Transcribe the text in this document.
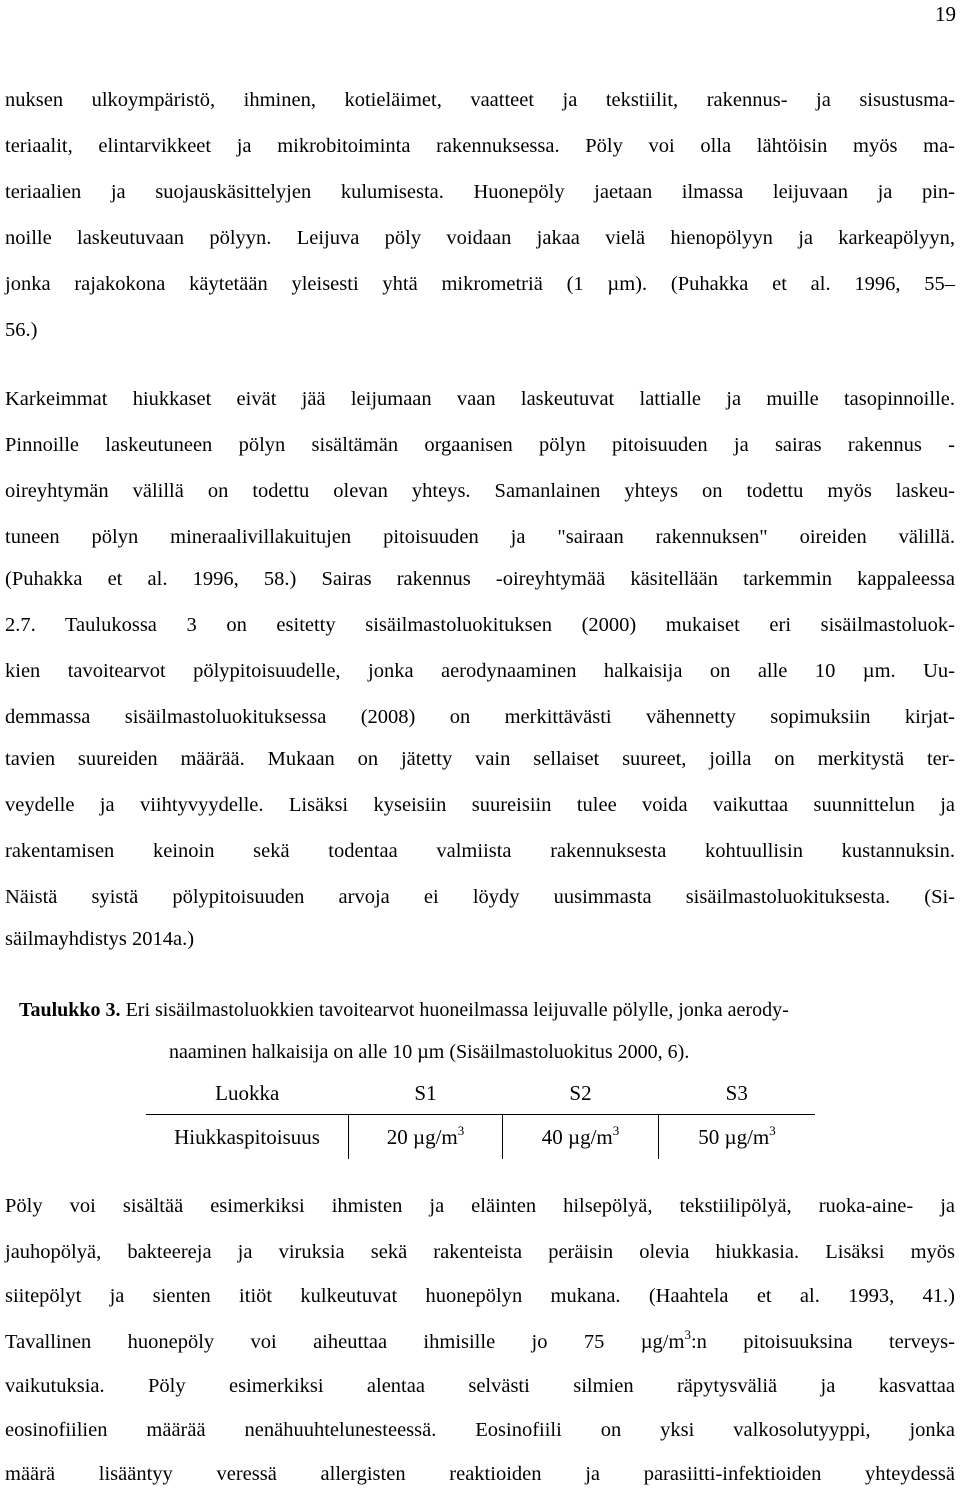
19
nuksen ulkoympäristö, ihminen, kotieläimet, vaatteet ja tekstiilit, rakennus- ja sisustusma-
teriaalit, elintarvikkeet ja mikrobitoiminta rakennuksessa. Pöly voi olla lähtöisin myös ma-
teriaalien ja suojauskäsittelyjen kulumisesta. Huonepöly jaetaan ilmassa leijuvaan ja pin-
noille laskeutuvaan pölyyn. Leijuva pöly voidaan jakaa vielä hienopölyyn ja karkeapölyyn,
jonka rajakokona käytetään yleisesti yhtä mikrometriä (1 µm). (Puhakka et al. 1996, 55–
56.)
Karkeimmat hiukkaset eivät jää leijumaan vaan laskeutuvat lattialle ja muille tasopinnoille.
Pinnoille laskeutuneen pölyn sisältämän orgaanisen pölyn pitoisuuden ja sairas rakennus -
oireyhtymän välillä on todettu olevan yhteys. Samanlainen yhteys on todettu myös laskeu-
tuneen pölyn mineraalivillakuitujen pitoisuuden ja "sairaan rakennuksen" oireiden välillä.
(Puhakka et al. 1996, 58.) Sairas rakennus -oireyhtymää käsitellään tarkemmin kappaleessa
2.7. Taulukossa 3 on esitetty sisäilmastoluokituksen (2000) mukaiset eri sisäilmastoluok-
kien tavoitearvot pölypitoisuudelle, jonka aerodynaaminen halkaisija on alle 10 µm. Uu-
demmassa sisäilmastoluokituksessa (2008) on merkittävästi vähennetty sopimuksiin kirjat-
tavien suureiden määrää. Mukaan on jätetty vain sellaiset suureet, joilla on merkitystä ter-
veydelle ja viihtyvyydelle. Lisäksi kyseisiin suureisiin tulee voida vaikuttaa suunnittelun ja
rakentamisen keinoin sekä todentaa valmiista rakennuksesta kohtuullisin kustannuksin.
Näistä syistä pölypitoisuuden arvoja ei löydy uusimmasta sisäilmastoluokituksesta. (Si-
säilmayhdistys 2014a.)
Taulukko 3. Eri sisäilmastoluokkien tavoitearvot huoneilmassa leijuvalle pölylle, jonka aerody-
naaminen halkaisija on alle 10 µm (Sisäilmastoluokitus 2000, 6).
Luokka	S1	S2	S3
Hiukkaspitoisuus	20 $\mu g/m^3$	40 $\mu g/m^3$	50 $\mu g/m^3$
Pöly voi sisältää esimerkiksi ihmisten ja eläinten hilsepölyä, tekstiilipölyä, ruoka-aine- ja
jauhopölyä, bakteereja ja viruksia sekä rakenteista peräisin olevia hiukkasia. Lisäksi myös
siitepölyt ja sienten itiöt kulkeutuvat huonepölyn mukana. (Haahtela et al. 1993, 41.)
Tavallinen huonepöly voi aiheuttaa ihmisille jo 75 $\mu g/m^3:n$ pitoisuuksina terveys-
vaikutuksia. Pöly esimerkiksi alentaa selvästi silmien räpytysväliä ja kasvattaa
eosinofiilien määrää nenähuuhtelunesteessä. Eosinofiili on yksi valkosolutyyppi, jonka
määrä lisääntyy veressä allergisten reaktioiden ja parasiitti-infektioiden yhteydessä
